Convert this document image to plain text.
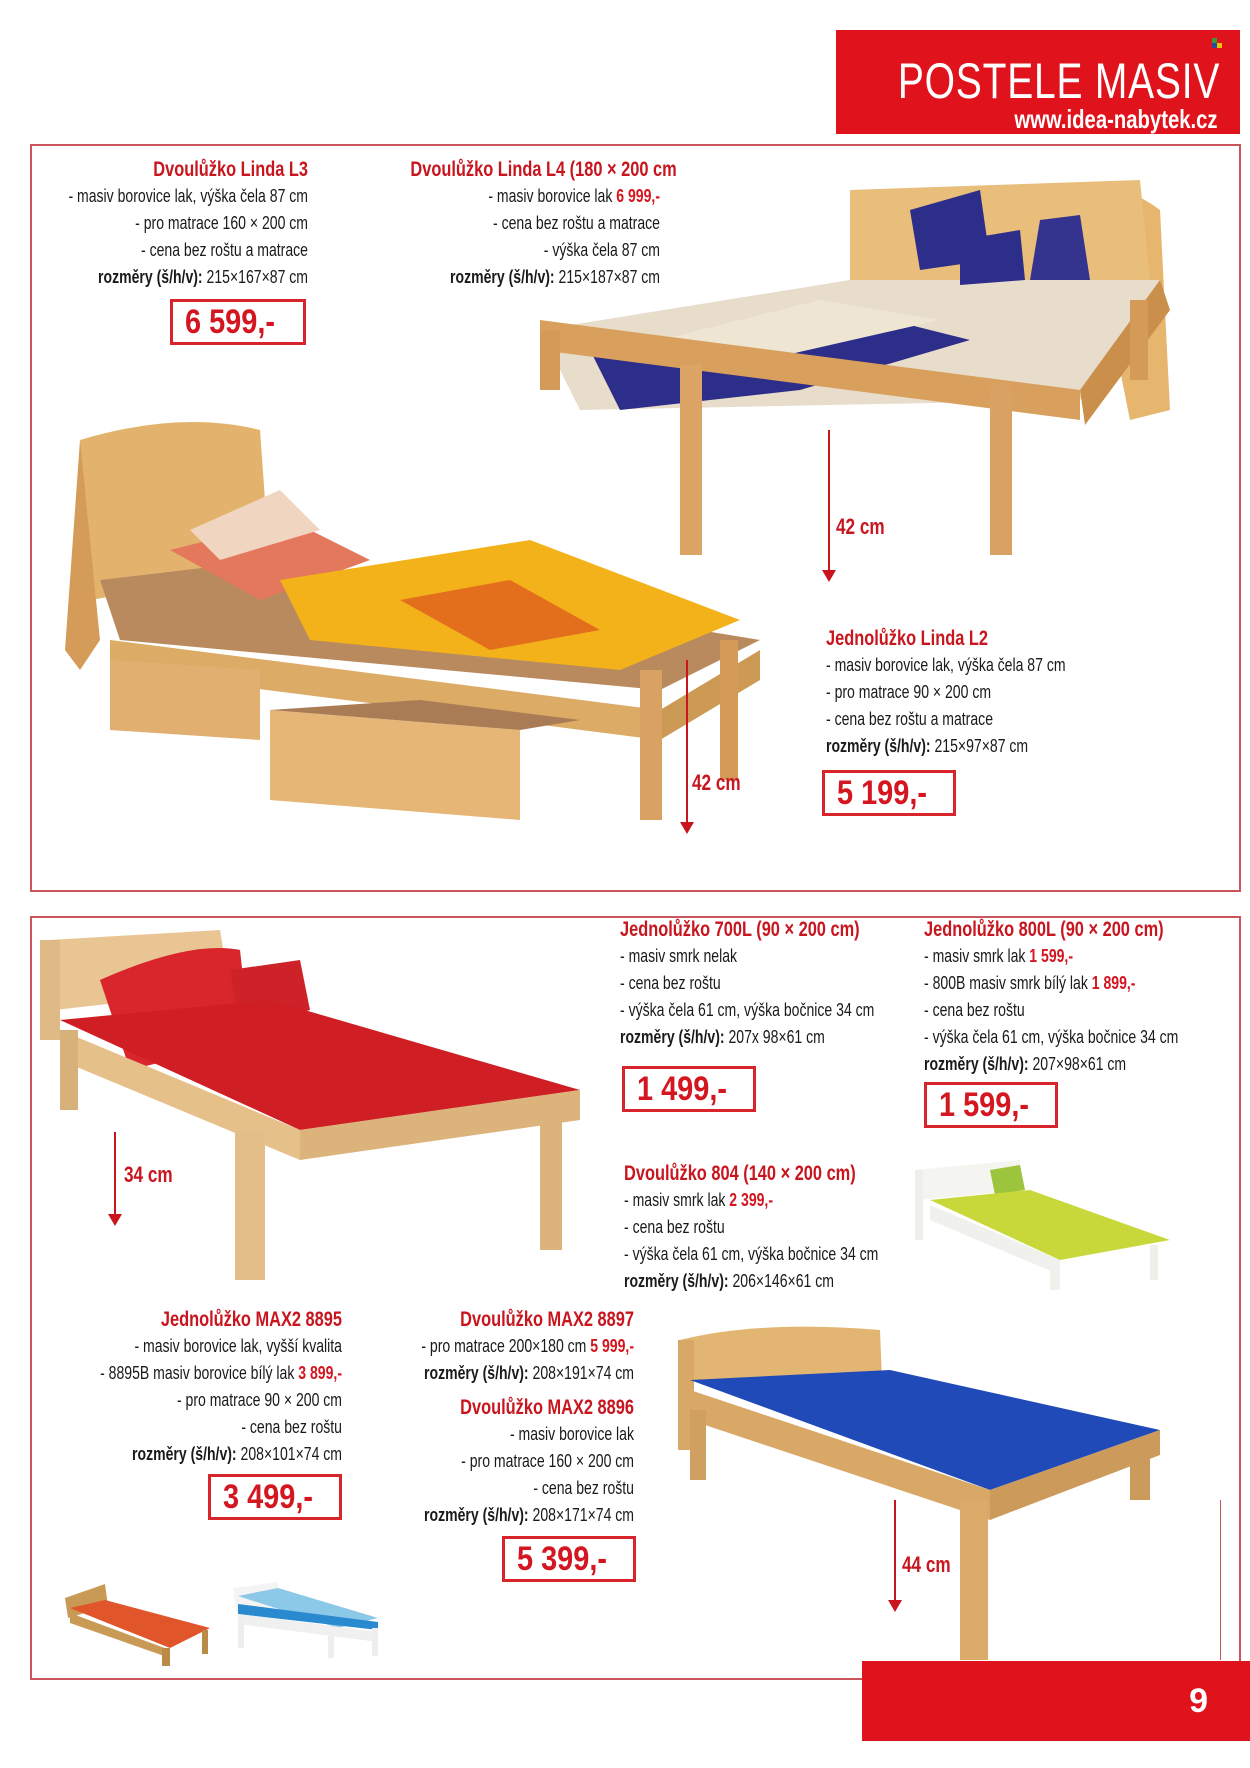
POSTELE MASIV
www.idea-nabytek.cz
42 cm
42 cm
Dvoulůžko Linda L3
- masiv borovice lak, výška čela 87 cm
- pro matrace 160 × 200 cm
- cena bez roštu a matrace
rozměry (š/h/v): 215×167×87 cm
6 599,-
Dvoulůžko Linda L4 (180 × 200 cm
- masiv borovice lak 6 999,-
- cena bez roštu a matrace
- výška čela 87 cm
rozměry (š/h/v): 215×187×87 cm
Jednolůžko Linda L2
- masiv borovice lak, výška čela 87 cm
- pro matrace 90 × 200 cm
- cena bez roštu a matrace
rozměry (š/h/v): 215×97×87 cm
5 199,-
34 cm
Jednolůžko 700L (90 × 200 cm)
- masiv smrk nelak
- cena bez roštu
- výška čela 61 cm, výška bočnice 34 cm
rozměry (š/h/v): 207x 98×61 cm
1 499,-
Jednolůžko 800L (90 × 200 cm)
- masiv smrk lak 1 599,-
- 800B masiv smrk bílý lak 1 899,-
- cena bez roštu
- výška čela 61 cm, výška bočnice 34 cm
rozměry (š/h/v): 207×98×61 cm
1 599,-
Dvoulůžko 804 (140 × 200 cm)
- masiv smrk lak 2 399,-
- cena bez roštu
- výška čela 61 cm, výška bočnice 34 cm
rozměry (š/h/v): 206×146×61 cm
44 cm
Jednolůžko MAX2 8895
- masiv borovice lak, vyšší kvalita
- 8895B masiv borovice bílý lak 3 899,-
- pro matrace 90 × 200 cm
- cena bez roštu
rozměry (š/h/v): 208×101×74 cm
3 499,-
Dvoulůžko MAX2 8897
- pro matrace 200×180 cm 5 999,-
rozměry (š/h/v): 208×191×74 cm
Dvoulůžko MAX2 8896
- masiv borovice lak
- pro matrace 160 × 200 cm
- cena bez roštu
rozměry (š/h/v): 208×171×74 cm
5 399,-
9
